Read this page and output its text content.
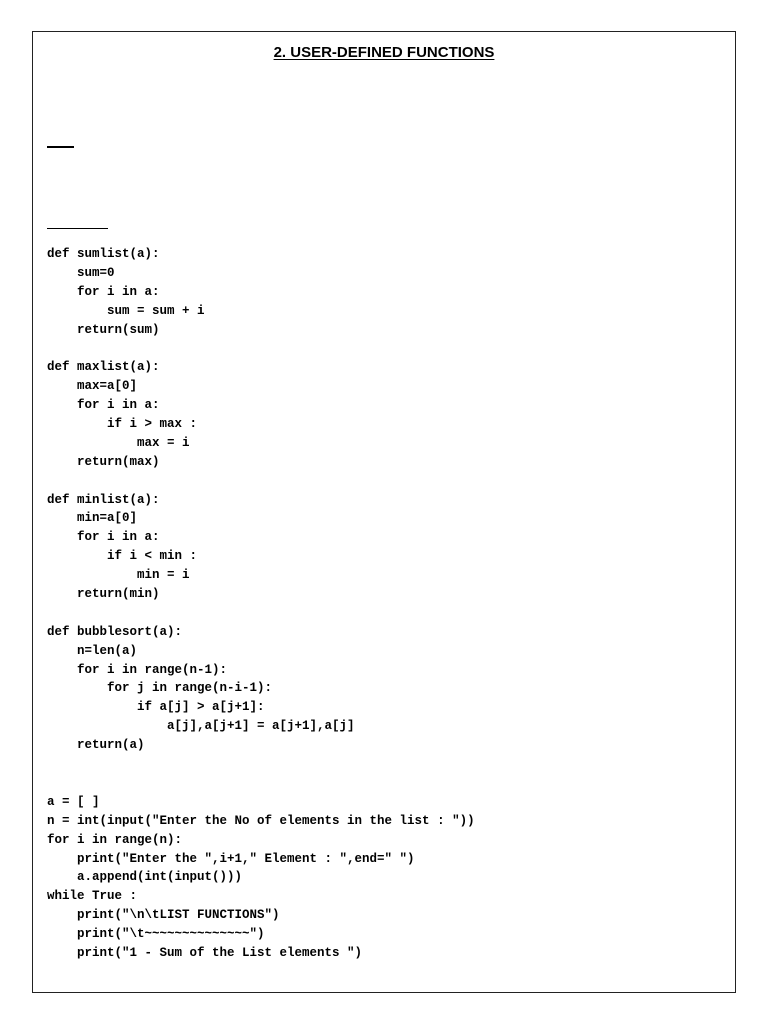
2. USER-DEFINED FUNCTIONS
def sumlist(a):
sum=0
for i in a:
sum = sum + i
return(sum)
def maxlist(a):
max=a[0]
for i in a:
if i > max :
max = i
return(max)
def minlist(a):
min=a[0]
for i in a:
if i < min :
min = i
return(min)
def bubblesort(a):
n=len(a)
for i in range(n-1):
for j in range(n-i-1):
if a[j] > a[j+1]:
a[j],a[j+1] = a[j+1],a[j]
return(a)
a = [ ]
n = int(input("Enter the No of elements in the list : "))
for i in range(n):
print("Enter the ",i+1," Element : ",end=" ")
a.append(int(input()))
while True :
print("\n\tLIST FUNCTIONS")
print("\t~~~~~~~~~~~~~~")
print("1 - Sum of the List elements ")
